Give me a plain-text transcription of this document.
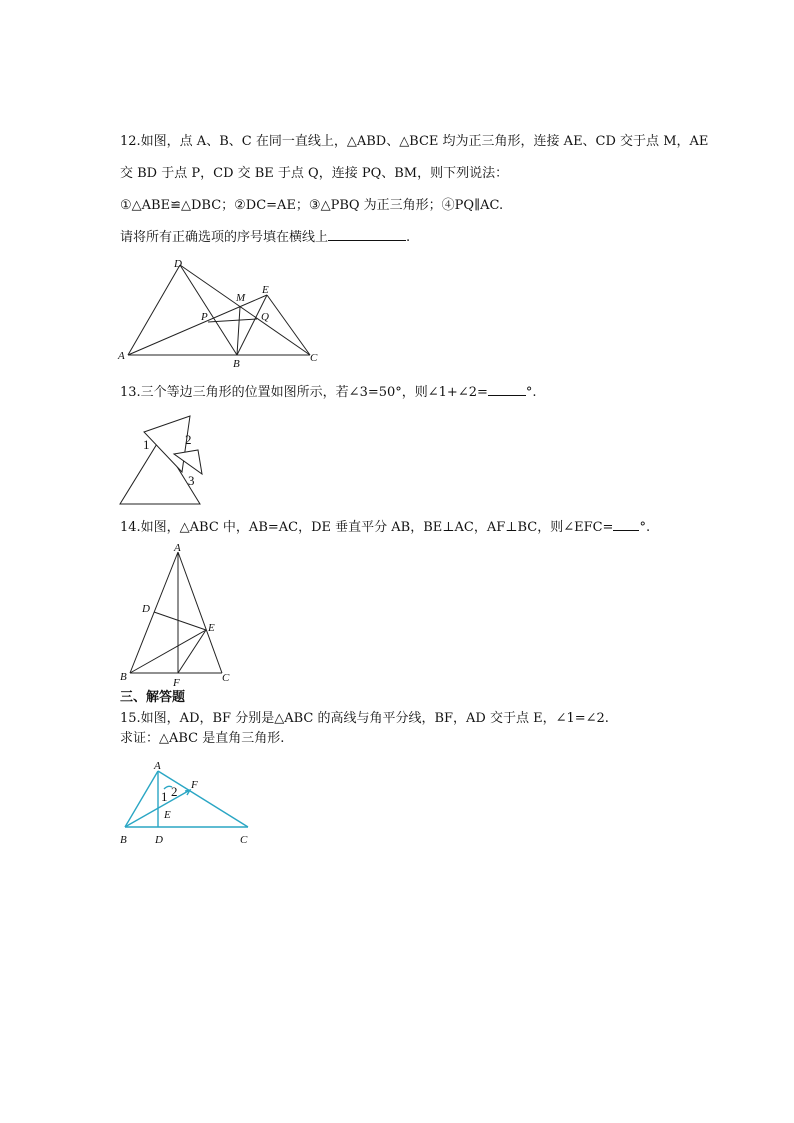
12.如图，点 A、B、C 在同一直线上，△ABD、△BCE 均为正三角形，连接 AE、CD 交于点 M，AE
交 BD 于点 P，CD 交 BE 于点 Q，连接 PQ、BM，则下列说法：
①△ABE≌△DBC；②DC=AE；③△PBQ 为正三角形；④PQ∥AC.
请将所有正确选项的序号填在横线上	.
D
M
E
P	Q
A
B	C
13.三个等边三角形的位置如图所示，若∠3=50°，则∠1+∠2=	°.
1	2
3
14.如图，△ABC 中，AB=AC，DE 垂直平分 AB，BE⊥AC，AF⊥BC，则∠EFC= °.
A
D
E
B	F	C
三、解答题
15.如图，AD，BF 分别是△ABC 的高线与角平分线，BF，AD 交于点 E，∠1=∠2.
求证：△ABC 是直角三角形.
A
F
1 2
E
B	D	C
